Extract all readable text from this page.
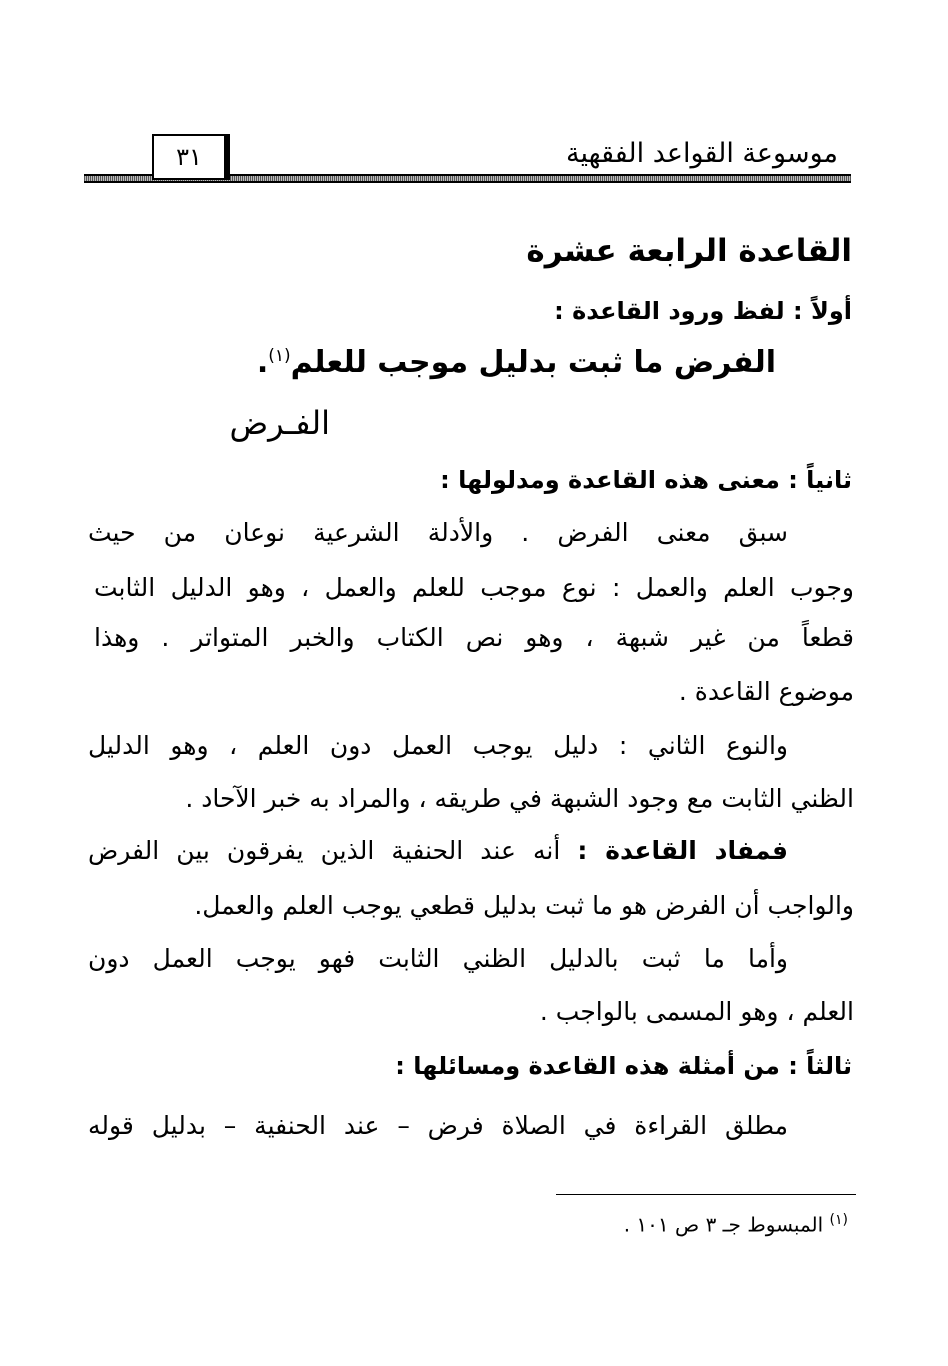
موسوعة القواعد الفقهية
٣١
القاعدة الرابعة عشرة
أولاً : لفظ ورود القاعدة :
الفرض ما ثبت بدليل موجب للعلم$^{(١)}$.
الفـرض
ثانياً : معنى هذه القاعدة ومدلولها :
سبق معنى الفرض . والأدلة الشرعية نوعان من حيث
وجوب العلم والعمل : نوع موجب للعلم والعمل ، وهو الدليل الثابت
قطعاً من غير شبهة ، وهو نص الكتاب والخبر المتواتر . وهذا
موضوع القاعدة .
والنوع الثاني : دليل يوجب العمل دون العلم ، وهو الدليل
الظني الثابت مع وجود الشبهة في طريقه ، والمراد به خبر الآحاد .
فمفاد القاعدة : أنه عند الحنفية الذين يفرقون بين الفرض
والواجب أن الفرض هو ما ثبت بدليل قطعي يوجب العلم والعمل.
وأما ما ثبت بالدليل الظني الثابت فهو يوجب العمل دون
العلم ، وهو المسمى بالواجب .
ثالثاً : من أمثلة هذه القاعدة ومسائلها :
مطلق القراءة في الصلاة فرض – عند الحنفية – بدليل قوله
$^{(١)}$ المبسوط جـ ٣ ص ١٠١ .
